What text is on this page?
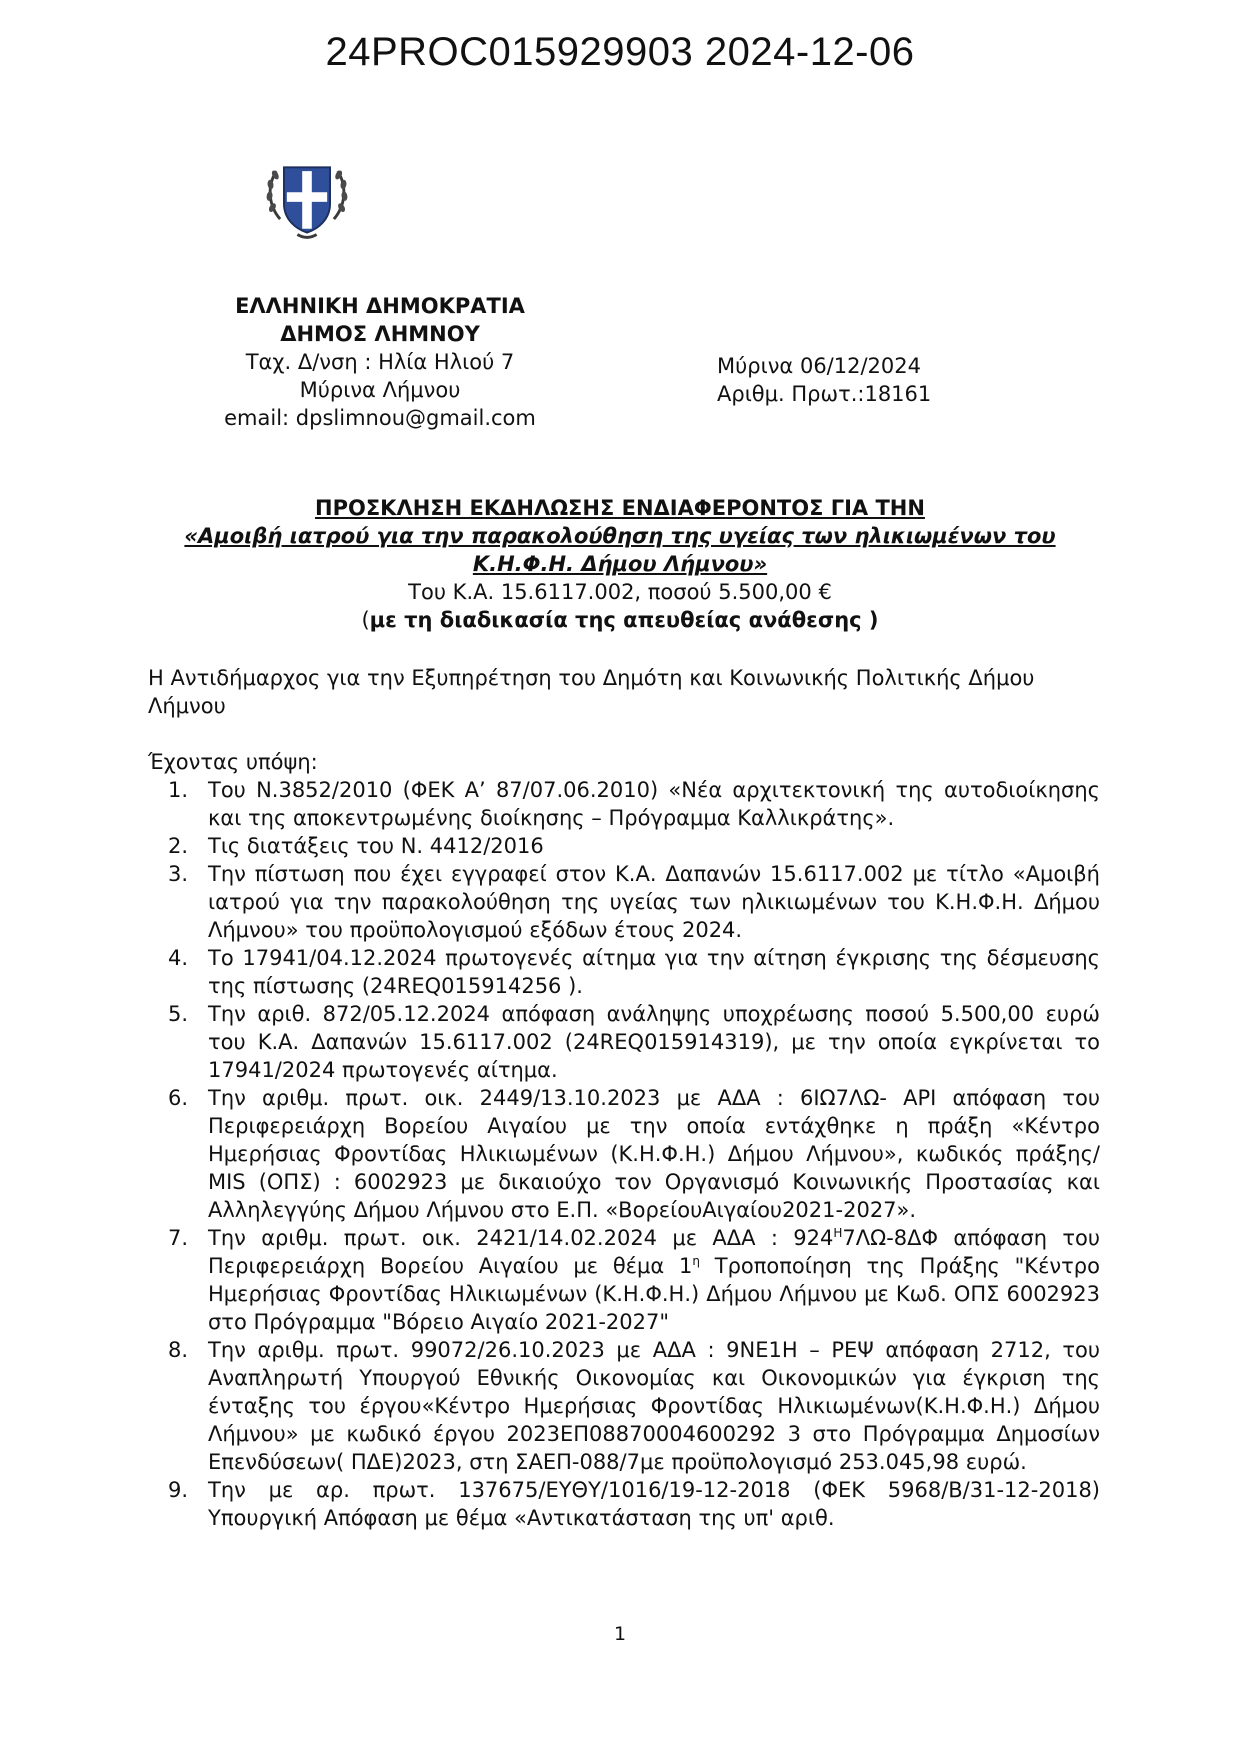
24PROC015929903 2024-12-06
ΕΛΛΗΝΙΚΗ ΔΗΜΟΚΡΑΤΙΑ
ΔΗΜΟΣ ΛΗΜΝΟΥ
Ταχ. Δ/νση : Ηλία Ηλιού 7
Μύρινα Λήμνου
email: dpslimnou@gmail.com
Μύρινα 06/12/2024
Αριθμ. Πρωτ.:18161
ΠΡΟΣΚΛΗΣΗ ΕΚΔΗΛΩΣΗΣ ΕΝΔΙΑΦΕΡΟΝΤΟΣ ΓΙΑ ΤΗΝ
«Αμοιβή ιατρού για την παρακολούθηση της υγείας των ηλικιωμένων του
Κ.Η.Φ.Η. Δήμου Λήμνου»
Του Κ.Α. 15.6117.002, ποσού 5.500,00 €
(με τη διαδικασία της απευθείας ανάθεσης )
Η Αντιδήμαρχος για την Εξυπηρέτηση του Δημότη και Κοινωνικής Πολιτικής Δήμου Λήμνου
Έχοντας υπόψη:
1. Του Ν.3852/2010 (ΦΕΚ Α’ 87/07.06.2010) «Νέα αρχιτεκτονική της αυτοδιοίκησης και της αποκεντρωμένης διοίκησης – Πρόγραμμα Καλλικράτης».
2. Τις διατάξεις του Ν. 4412/2016
3. Την πίστωση που έχει εγγραφεί στον Κ.Α. Δαπανών 15.6117.002 με τίτλο «Αμοιβή ιατρού για την παρακολούθηση της υγείας των ηλικιωμένων του Κ.Η.Φ.Η. Δήμου Λήμνου» του προϋπολογισμού εξόδων έτους 2024.
4. Το 17941/04.12.2024 πρωτογενές αίτημα για την αίτηση έγκρισης της δέσμευσης της πίστωσης (24REQ015914256 ).
5. Την αριθ. 872/05.12.2024 απόφαση ανάληψης υποχρέωσης ποσού 5.500,00 ευρώ του Κ.Α. Δαπανών 15.6117.002 (24REQ015914319), με την οποία εγκρίνεται το 17941/2024 πρωτογενές αίτημα.
6. Την αριθμ. πρωτ. οικ. 2449/13.10.2023 με ΑΔΑ : 6ΙΩ7ΛΩ- ΑΡΙ απόφαση του Περιφερειάρχη Βορείου Αιγαίου με την οποία εντάχθηκε η πράξη «Κέντρο Ημερήσιας Φροντίδας Ηλικιωμένων (Κ.Η.Φ.Η.) Δήμου Λήμνου», κωδικός πράξης/ MIS (ΟΠΣ) : 6002923 με δικαιούχο τον Οργανισμό Κοινωνικής Προστασίας και Αλληλεγγύης Δήμου Λήμνου στο Ε.Π. «ΒορείουΑιγαίου2021-2027».
7. Την αριθμ. πρωτ. οικ. 2421/14.02.2024 με ΑΔΑ : $924^H7\Lambda\Omega-8\Delta\Phi$ απόφαση του Περιφερειάρχη Βορείου Αιγαίου με θέμα $1^\eta$ Τροποποίηση της Πράξης "Κέντρο Ημερήσιας Φροντίδας Ηλικιωμένων (Κ.Η.Φ.Η.) Δήμου Λήμνου με Κωδ. ΟΠΣ 6002923 στο Πρόγραμμα "Βόρειο Αιγαίο 2021-2027"
8. Την αριθμ. πρωτ. 99072/26.10.2023 με ΑΔΑ : 9ΝΕ1Η – ΡΕΨ απόφαση 2712, του Αναπληρωτή Υπουργού Εθνικής Οικονομίας και Οικονομικών για έγκριση της ένταξης του έργου«Κέντρο Ημερήσιας Φροντίδας Ηλικιωμένων(Κ.Η.Φ.Η.) Δήμου Λήμνου» με κωδικό έργου 2023ΕΠ08870004600292 3 στο Πρόγραμμα Δημοσίων Επενδύσεων( ΠΔΕ)2023, στη ΣΑΕΠ-088/7με προϋπολογισμό 253.045,98 ευρώ.
9. Την με αρ. πρωτ. 137675/ΕΥΘΥ/1016/19-12-2018 (ΦΕΚ 5968/Β/31-12-2018) Υπουργική Απόφαση με θέμα «Αντικατάσταση της υπ' αριθ.
1
